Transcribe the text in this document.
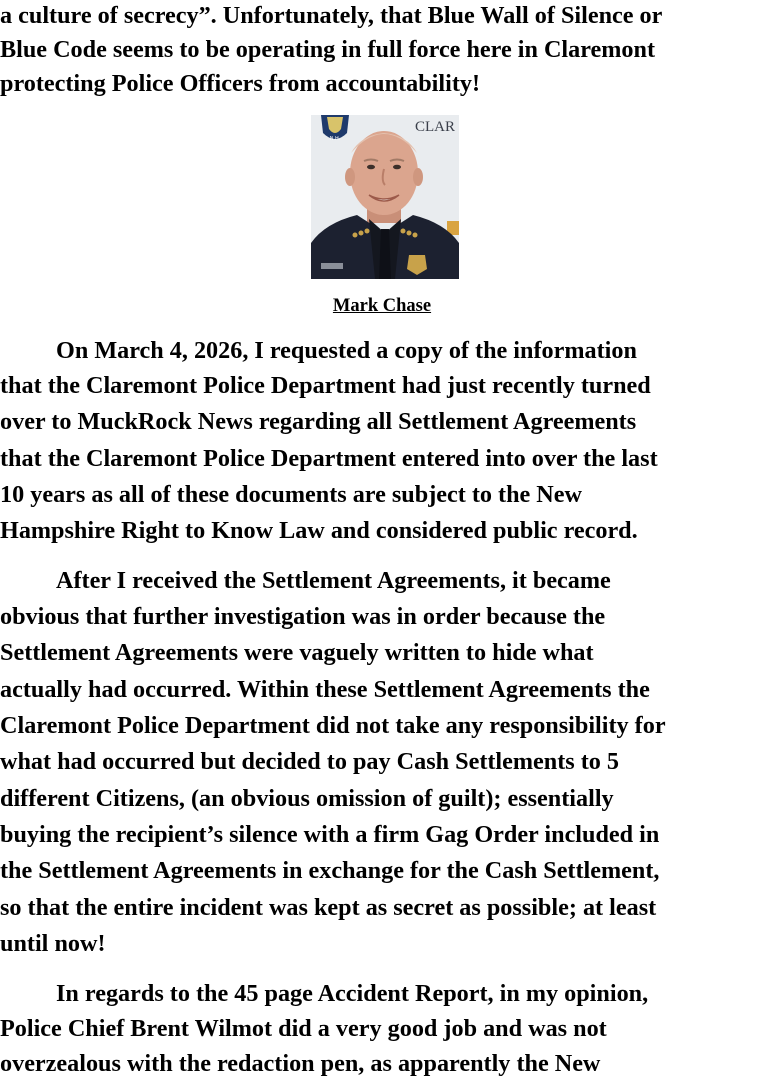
a culture of secrecy”. Unfortunately, that Blue Wall of Silence or

Blue Code seems to be operating in full force here in Claremont

protecting Police Officers from accountability!

N.H.
CLAR
Mark Chase

On March 4, 2026, I requested a copy of the information

that the Claremont Police Department had just recently turned

over to MuckRock News regarding all Settlement Agreements

that the Claremont Police Department entered into over the last

10 years as all of these documents are subject to the New

Hampshire Right to Know Law and considered public record.

After I received the Settlement Agreements, it became

obvious that further investigation was in order because the

Settlement Agreements were vaguely written to hide what

actually had occurred. Within these Settlement Agreements the

Claremont Police Department did not take any responsibility for

what had occurred but decided to pay Cash Settlements to 5

different Citizens, (an obvious omission of guilt); essentially

buying the recipient’s silence with a firm Gag Order included in

the Settlement Agreements in exchange for the Cash Settlement,

so that the entire incident was kept as secret as possible; at least

until now!

In regards to the 45 page Accident Report, in my opinion,

Police Chief Brent Wilmot did a very good job and was not

overzealous with the redaction pen, as apparently the New
